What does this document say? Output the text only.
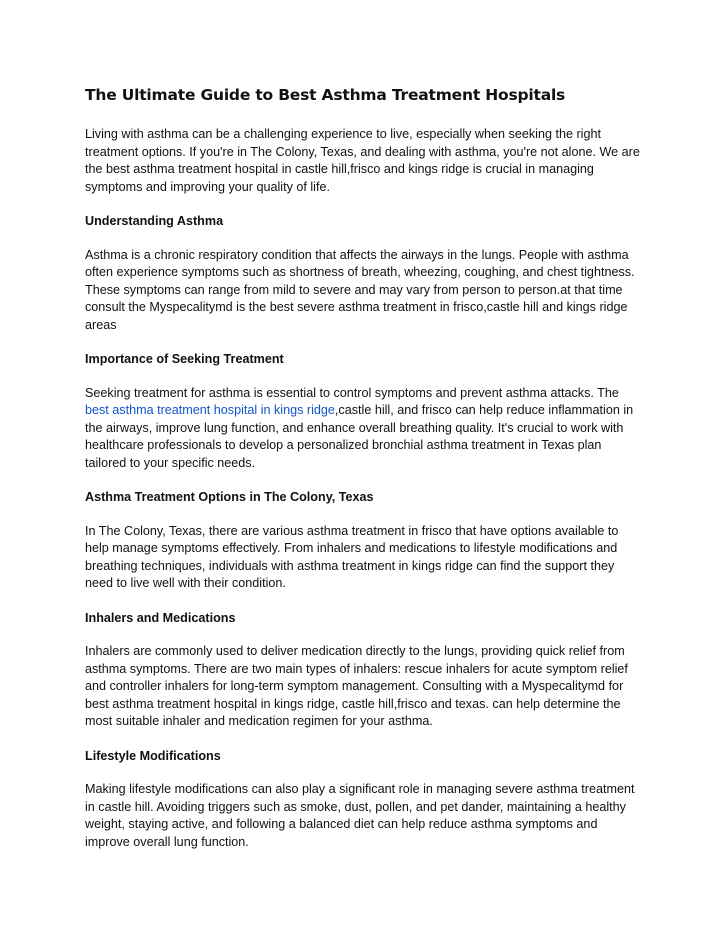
The Ultimate Guide to Best Asthma Treatment Hospitals

Living with asthma can be a challenging experience to live, especially when seeking the right treatment options. If you're in The Colony, Texas, and dealing with asthma, you're not alone. We are the best asthma treatment hospital in castle hill,frisco and kings ridge is crucial in managing symptoms and improving your quality of life.

Understanding Asthma

Asthma is a chronic respiratory condition that affects the airways in the lungs. People with asthma often experience symptoms such as shortness of breath, wheezing, coughing, and chest tightness. These symptoms can range from mild to severe and may vary from person to person.at that time consult the Myspecalitymd is the best severe asthma treatment in frisco,castle hill and kings ridge areas

Importance of Seeking Treatment

Seeking treatment for asthma is essential to control symptoms and prevent asthma attacks. The best asthma treatment hospital in kings ridge,castle hill, and frisco can help reduce inflammation in the airways, improve lung function, and enhance overall breathing quality. It's crucial to work with healthcare professionals to develop a personalized bronchial asthma treatment in Texas plan tailored to your specific needs.

Asthma Treatment Options in The Colony, Texas

In The Colony, Texas, there are various asthma treatment in frisco that have options available to help manage symptoms effectively. From inhalers and medications to lifestyle modifications and breathing techniques, individuals with asthma treatment in kings ridge can find the support they need to live well with their condition.

Inhalers and Medications

Inhalers are commonly used to deliver medication directly to the lungs, providing quick relief from asthma symptoms. There are two main types of inhalers: rescue inhalers for acute symptom relief and controller inhalers for long-term symptom management. Consulting with a Myspecalitymd for best asthma treatment hospital in kings ridge, castle hill,frisco and texas. can help determine the most suitable inhaler and medication regimen for your asthma.

Lifestyle Modifications

Making lifestyle modifications can also play a significant role in managing severe asthma treatment in castle hill. Avoiding triggers such as smoke, dust, pollen, and pet dander, maintaining a healthy weight, staying active, and following a balanced diet can help reduce asthma symptoms and improve overall lung function.
